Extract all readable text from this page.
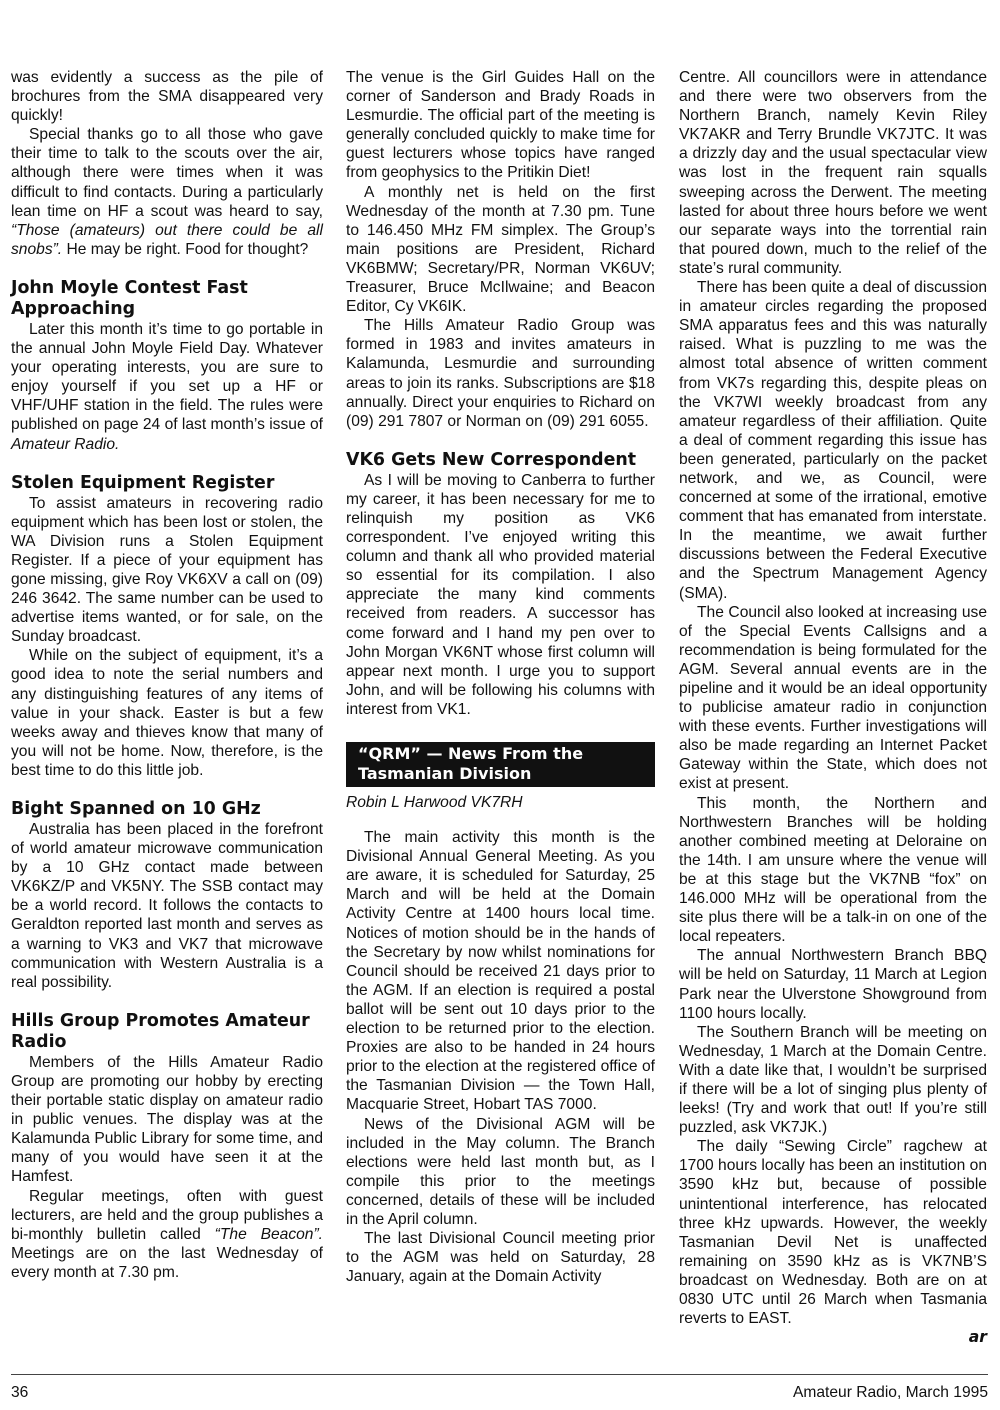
was evidently a success as the pile of brochures from the SMA disappeared very quickly!

Special thanks go to all those who gave their time to talk to the scouts over the air, although there were times when it was difficult to find contacts. During a particularly lean time on HF a scout was heard to say, “Those (amateurs) out there could be all snobs”. He may be right. Food for thought?

John Moyle Contest Fast Approaching

Later this month it’s time to go portable in the annual John Moyle Field Day. Whatever your operating interests, you are sure to enjoy yourself if you set up a HF or VHF/UHF station in the field. The rules were published on page 24 of last month’s issue of Amateur Radio.

Stolen Equipment Register

To assist amateurs in recovering radio equipment which has been lost or stolen, the WA Division runs a Stolen Equipment Register. If a piece of your equipment has gone missing, give Roy VK6XV a call on (09) 246 3642. The same number can be used to advertise items wanted, or for sale, on the Sunday broadcast.

While on the subject of equipment, it’s a good idea to note the serial numbers and any distinguishing features of any items of value in your shack. Easter is but a few weeks away and thieves know that many of you will not be home. Now, therefore, is the best time to do this little job.

Bight Spanned on 10 GHz

Australia has been placed in the forefront of world amateur microwave communication by a 10 GHz contact made between VK6KZ/P and VK5NY. The SSB contact may be a world record. It follows the contacts to Geraldton reported last month and serves as a warning to VK3 and VK7 that microwave communication with Western Australia is a real possibility.

Hills Group Promotes Amateur Radio

Members of the Hills Amateur Radio Group are promoting our hobby by erecting their portable static display on amateur radio in public venues. The display was at the Kalamunda Public Library for some time, and many of you would have seen it at the Hamfest.

Regular meetings, often with guest lecturers, are held and the group publishes a bi-monthly bulletin called “The Beacon”. Meetings are on the last Wednesday of every month at 7.30 pm.

The venue is the Girl Guides Hall on the corner of Sanderson and Brady Roads in Lesmurdie. The official part of the meeting is generally concluded quickly to make time for guest lecturers whose topics have ranged from geophysics to the Pritikin Diet!

A monthly net is held on the first Wednesday of the month at 7.30 pm. Tune to 146.450 MHz FM simplex. The Group’s main positions are President, Richard VK6BMW; Secretary/PR, Norman VK6UV; Treasurer, Bruce McIlwaine; and Beacon Editor, Cy VK6IK.

The Hills Amateur Radio Group was formed in 1983 and invites amateurs in Kalamunda, Lesmurdie and surrounding areas to join its ranks. Subscriptions are $18 annually. Direct your enquiries to Richard on (09) 291 7807 or Norman on (09) 291 6055.

VK6 Gets New Correspondent

As I will be moving to Canberra to further my career, it has been necessary for me to relinquish my position as VK6 correspondent. I’ve enjoyed writing this column and thank all who provided material so essential for its compilation. I also appreciate the many kind comments received from readers. A successor has come forward and I hand my pen over to John Morgan VK6NT whose first column will appear next month. I urge you to support John, and will be following his columns with interest from VK1.

“QRM” — News From the Tasmanian Division
Robin L Harwood VK7RH

The main activity this month is the Divisional Annual General Meeting. As you are aware, it is scheduled for Saturday, 25 March and will be held at the Domain Activity Centre at 1400 hours local time. Notices of motion should be in the hands of the Secretary by now whilst nominations for Council should be received 21 days prior to the AGM. If an election is required a postal ballot will be sent out 10 days prior to the election to be returned prior to the election. Proxies are also to be handed in 24 hours prior to the election at the registered office of the Tasmanian Division — the Town Hall, Macquarie Street, Hobart TAS 7000.

News of the Divisional AGM will be included in the May column. The Branch elections were held last month but, as I compile this prior to the meetings concerned, details of these will be included in the April column.

The last Divisional Council meeting prior to the AGM was held on Saturday, 28 January, again at the Domain Activity

Centre. All councillors were in attendance and there were two observers from the Northern Branch, namely Kevin Riley VK7AKR and Terry Brundle VK7JTC. It was a drizzly day and the usual spectacular view was lost in the frequent rain squalls sweeping across the Derwent. The meeting lasted for about three hours before we went our separate ways into the torrential rain that poured down, much to the relief of the state’s rural community.

There has been quite a deal of discussion in amateur circles regarding the proposed SMA apparatus fees and this was naturally raised. What is puzzling to me was the almost total absence of written comment from VK7s regarding this, despite pleas on the VK7WI weekly broadcast from any amateur regardless of their affiliation. Quite a deal of comment regarding this issue has been generated, particularly on the packet network, and we, as Council, were concerned at some of the irrational, emotive comment that has emanated from interstate. In the meantime, we await further discussions between the Federal Executive and the Spectrum Management Agency (SMA).

The Council also looked at increasing use of the Special Events Callsigns and a recommendation is being formulated for the AGM. Several annual events are in the pipeline and it would be an ideal opportunity to publicise amateur radio in conjunction with these events. Further investigations will also be made regarding an Internet Packet Gateway within the State, which does not exist at present.

This month, the Northern and Northwestern Branches will be holding another combined meeting at Deloraine on the 14th. I am unsure where the venue will be at this stage but the VK7NB “fox” on 146.000 MHz will be operational from the site plus there will be a talk-in on one of the local repeaters.

The annual Northwestern Branch BBQ will be held on Saturday, 11 March at Legion Park near the Ulverstone Showground from 1100 hours locally.

The Southern Branch will be meeting on Wednesday, 1 March at the Domain Centre. With a date like that, I wouldn’t be surprised if there will be a lot of singing plus plenty of leeks! (Try and work that out! If you’re still puzzled, ask VK7JK.)

The daily “Sewing Circle” ragchew at 1700 hours locally has been an institution on 3590 kHz but, because of possible unintentional interference, has relocated three kHz upwards. However, the weekly Tasmanian Devil Net is unaffected remaining on 3590 kHz as is VK7NB’S broadcast on Wednesday. Both are on at 0830 UTC until 26 March when Tasmania reverts to EAST.

ar
36	Amateur Radio, March 1995
